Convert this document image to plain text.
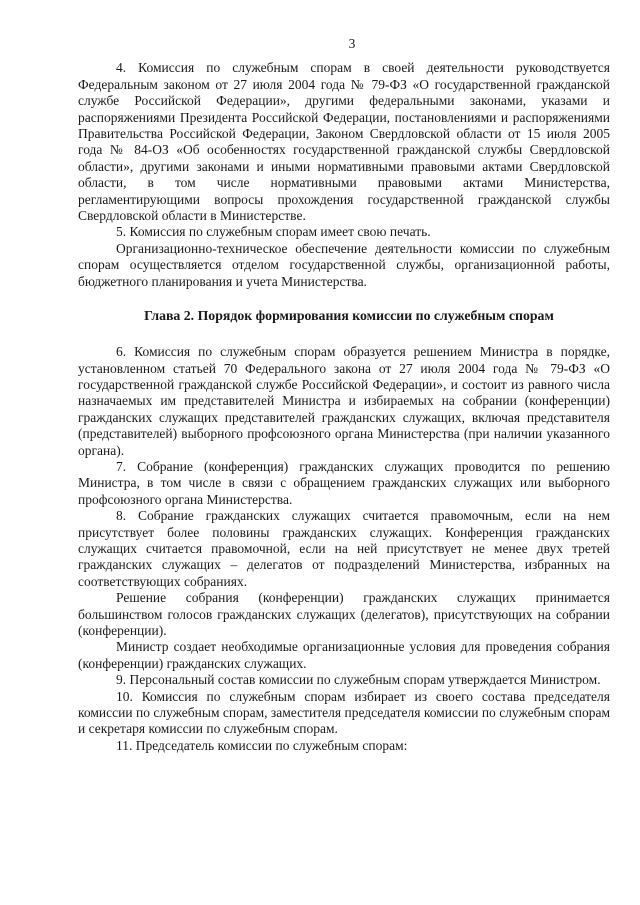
3

4. Комиссия по служебным спорам в своей деятельности руководствуется Федеральным законом от 27 июля 2004 года № 79-ФЗ «О государственной гражданской службе Российской Федерации», другими федеральными законами, указами и распоряжениями Президента Российской Федерации, постановлениями и распоряжениями Правительства Российской Федерации, Законом Свердловской области от 15 июля 2005 года № 84-ОЗ «Об особенностях государственной гражданской службы Свердловской области», другими законами и иными нормативными правовыми актами Свердловской области, в том числе нормативными правовыми актами Министерства, регламентирующими вопросы прохождения государственной гражданской службы Свердловской области в Министерстве.

5. Комиссия по служебным спорам имеет свою печать.

Организационно-техническое обеспечение деятельности комиссии по служебным спорам осуществляется отделом государственной службы, организационной работы, бюджетного планирования и учета Министерства.

Глава 2. Порядок формирования комиссии по служебным спорам

6. Комиссия по служебным спорам образуется решением Министра в порядке, установленном статьей 70 Федерального закона от 27 июля 2004 года № 79-ФЗ «О государственной гражданской службе Российской Федерации», и состоит из равного числа назначаемых им представителей Министра и избираемых на собрании (конференции) гражданских служащих представителей гражданских служащих, включая представителя (представителей) выборного профсоюзного органа Министерства (при наличии указанного органа).

7. Собрание (конференция) гражданских служащих проводится по решению Министра, в том числе в связи с обращением гражданских служащих или выборного профсоюзного органа Министерства.

8. Собрание гражданских служащих считается правомочным, если на нем присутствует более половины гражданских служащих. Конференция гражданских служащих считается правомочной, если на ней присутствует не менее двух третей гражданских служащих – делегатов от подразделений Министерства, избранных на соответствующих собраниях.

Решение собрания (конференции) гражданских служащих принимается большинством голосов гражданских служащих (делегатов), присутствующих на собрании (конференции).

Министр создает необходимые организационные условия для проведения собрания (конференции) гражданских служащих.

9. Персональный состав комиссии по служебным спорам утверждается Министром.

10. Комиссия по служебным спорам избирает из своего состава председателя комиссии по служебным спорам, заместителя председателя комиссии по служебным спорам и секретаря комиссии по служебным спорам.

11. Председатель комиссии по служебным спорам:
